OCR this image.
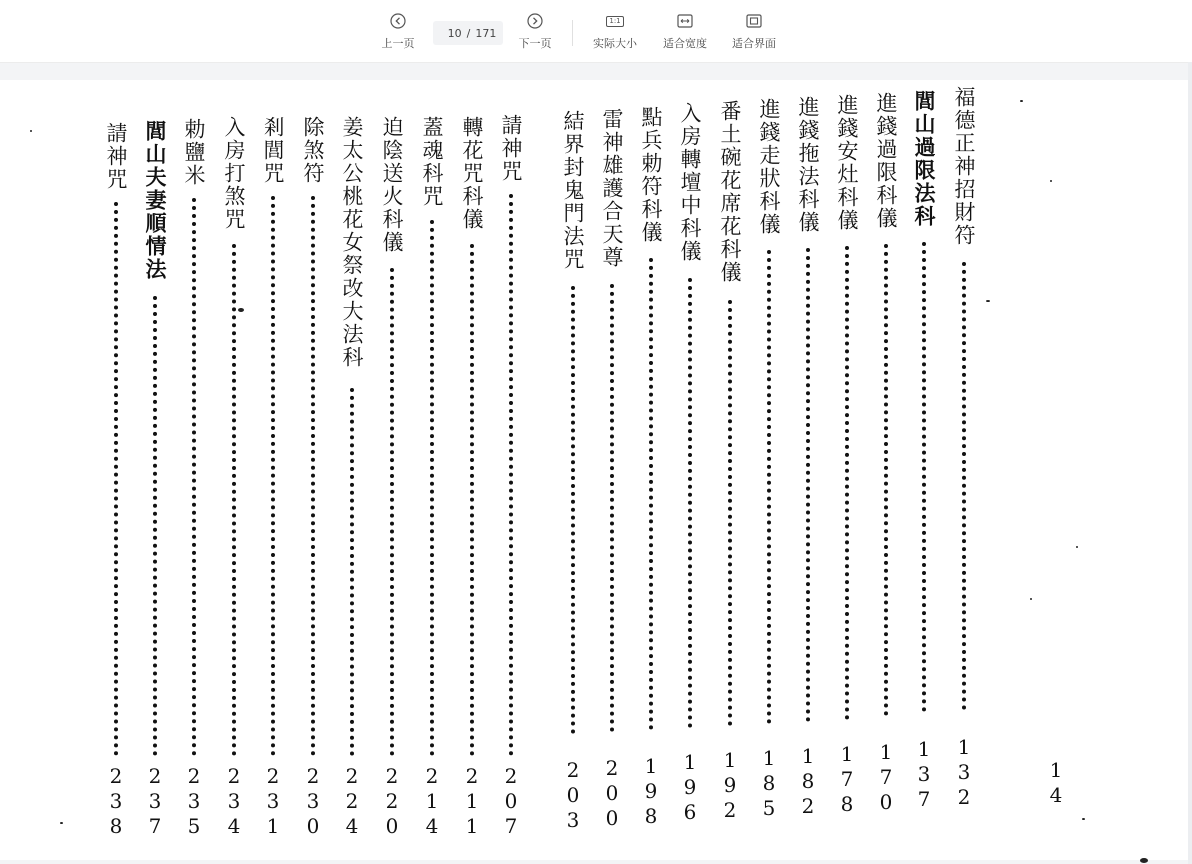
上一页
10
/ 171
下一页
1:1
实际大小 适合宽度 适合界面
福德正神招財符
132
閭山過限法科
137
進錢過限科儀
170
進錢安灶科儀
178
進錢拖法科儀
182
進錢走狀科儀
185
番土碗花席花科儀
192
入房轉壇中科儀
196
點兵勅符科儀
198
雷神雄護合天尊
200
結界封鬼門法咒
203
請神咒
207
轉花咒科儀
211
蓋魂科咒
214
迫陰送火科儀
220
姜太公桃花女祭改大法科
224
除煞符
230
剎閭咒
231
入房打煞咒
234
勅鹽米
235
閭山夫妻順情法
237
請神咒
238	14
